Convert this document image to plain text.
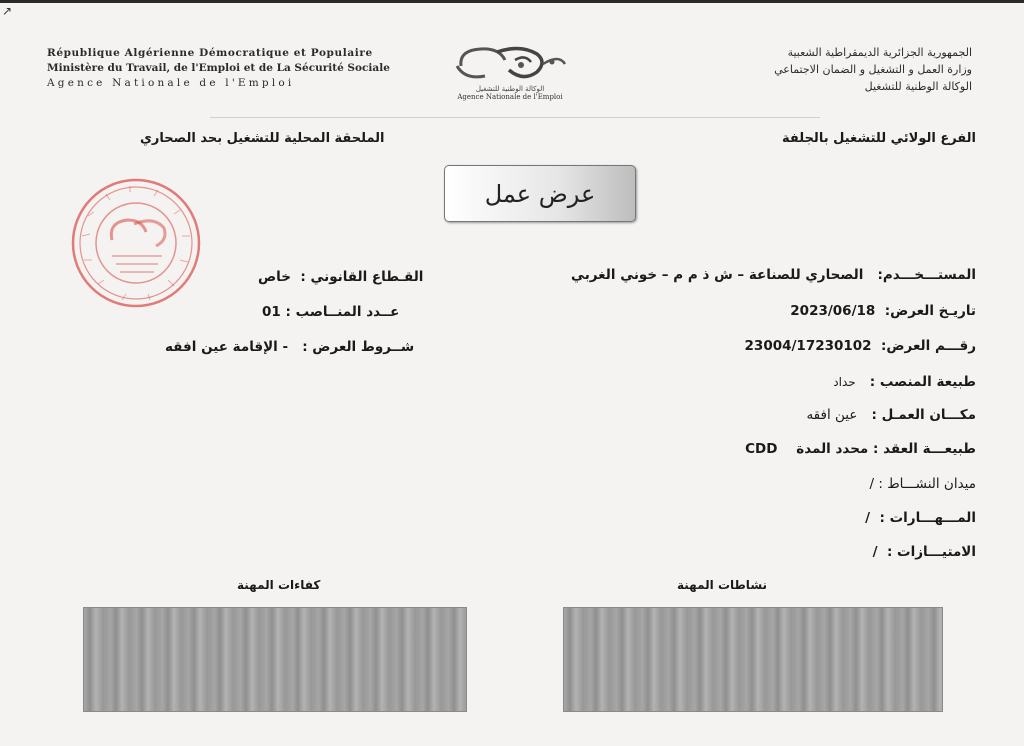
↗
République Algérienne Démocratique et Populaire
Ministère du Travail, de l'Emploi et de La Sécurité Sociale
Agence Nationale de l'Emploi	الوكالة الوطنية للتشغيل
Agence Nationale de l'Emploi
الجمهورية الجزائرية الديمقراطية الشعبية
وزارة العمل و التشغيل و الضمان الاجتماعي
الوكالة الوطنية للتشغيل
الفرع الولائي للتشغيل بالجلفة
الملحقة المحلية للتشغيل بحد الصحاري
عرض عمل
المستـــخـــدم:   الصحاري للصناعة – ش ذ م م – خوني الغربي
تاريـخ العرض:  2023/06/18
رقـــم العرض:  23004/17230102
طبيعة المنصب :   حداد
مكـــان العمـل :   عين افقه
طبيعـــة العقد : محدد المدة    CDD
ميدان النشـــاط : /
المـــهـــارات :  /
الامتيـــازات :  /
القـطاع القانوني :  خاص
عــدد المنــاصب : 01
شــروط العرض :   - الإقامة عين افقه
كفاءات المهنة	نشاطات المهنة
